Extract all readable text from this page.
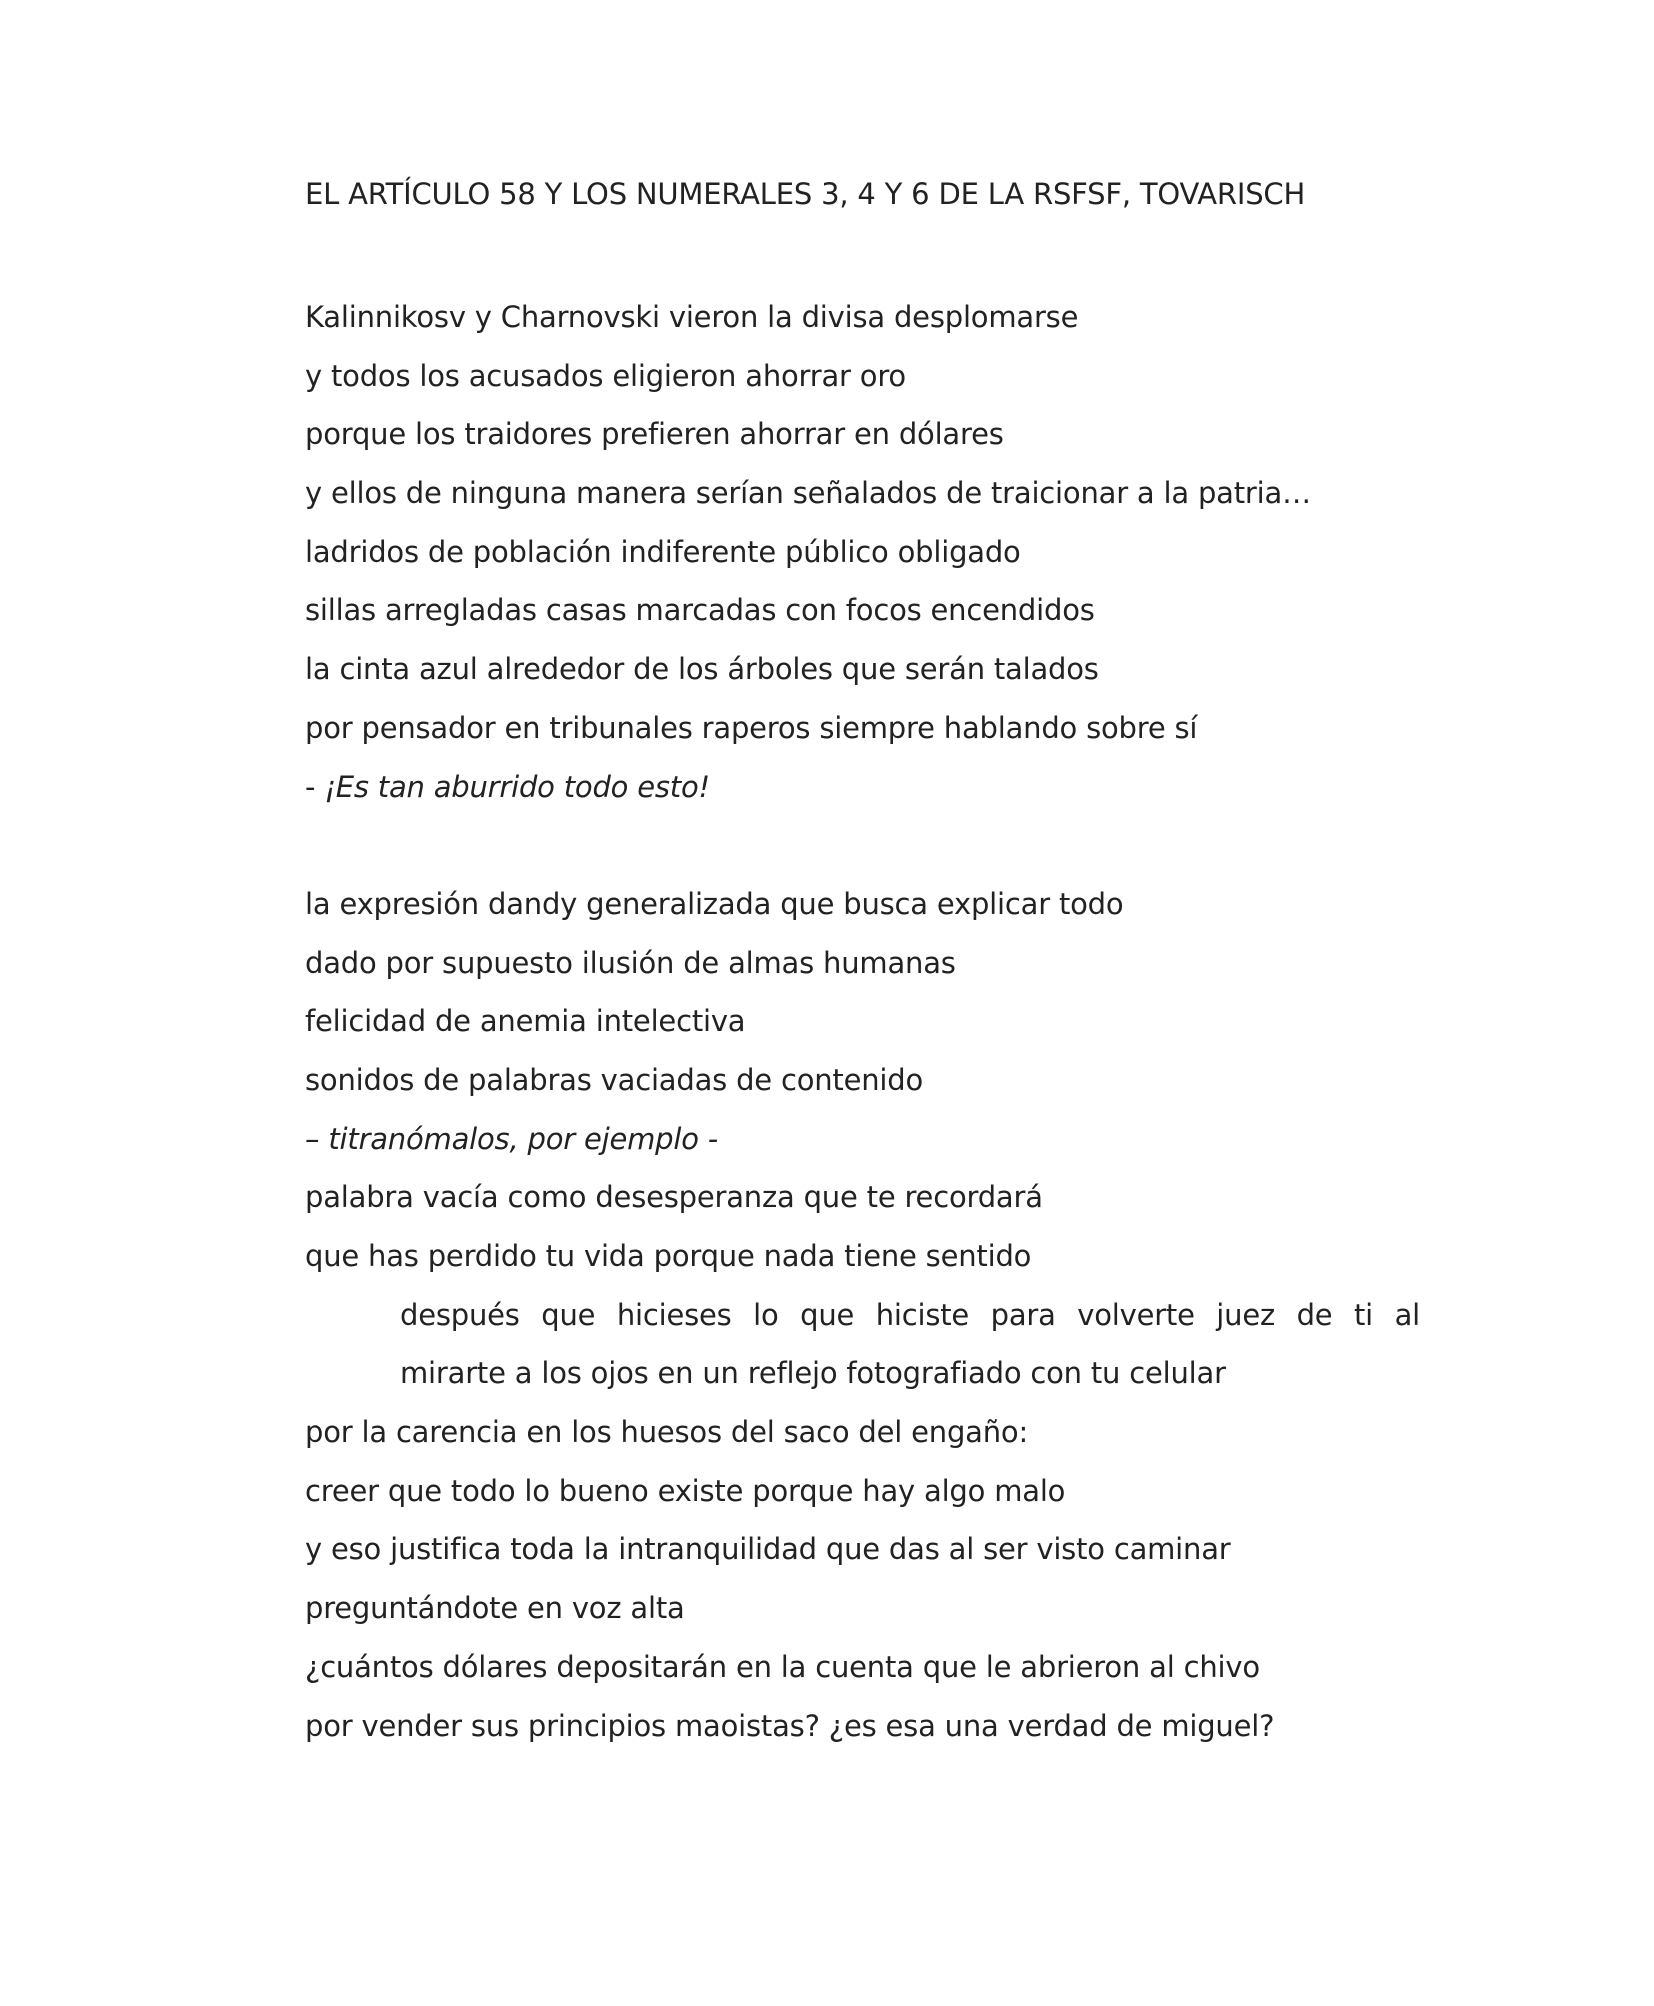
EL ARTÍCULO 58 Y LOS NUMERALES 3, 4 Y 6 DE LA RSFSF, TOVARISCH
Kalinnikosv y Charnovski vieron la divisa desplomarse
y todos los acusados eligieron ahorrar oro
porque los traidores prefieren ahorrar en dólares
y ellos de ninguna manera serían señalados de traicionar a la patria…
ladridos de población indiferente público obligado
sillas arregladas casas marcadas con focos encendidos
la cinta azul alrededor de los árboles que serán talados
por pensador en tribunales raperos siempre hablando sobre sí
- ¡Es tan aburrido todo esto!
la expresión dandy generalizada que busca explicar todo
dado por supuesto ilusión de almas humanas
felicidad de anemia intelectiva
sonidos de palabras vaciadas de contenido
– titranómalos, por ejemplo -
palabra vacía como desesperanza que te recordará
que has perdido tu vida porque nada tiene sentido
después que hicieses lo que hiciste para volverte juez de ti al
mirarte a los ojos en un reflejo fotografiado con tu celular
por la carencia en los huesos del saco del engaño:
creer que todo lo bueno existe porque hay algo malo
y eso justifica toda la intranquilidad que das al ser visto caminar
preguntándote en voz alta
¿cuántos dólares depositarán en la cuenta que le abrieron al chivo
por vender sus principios maoistas? ¿es esa una verdad de miguel?
